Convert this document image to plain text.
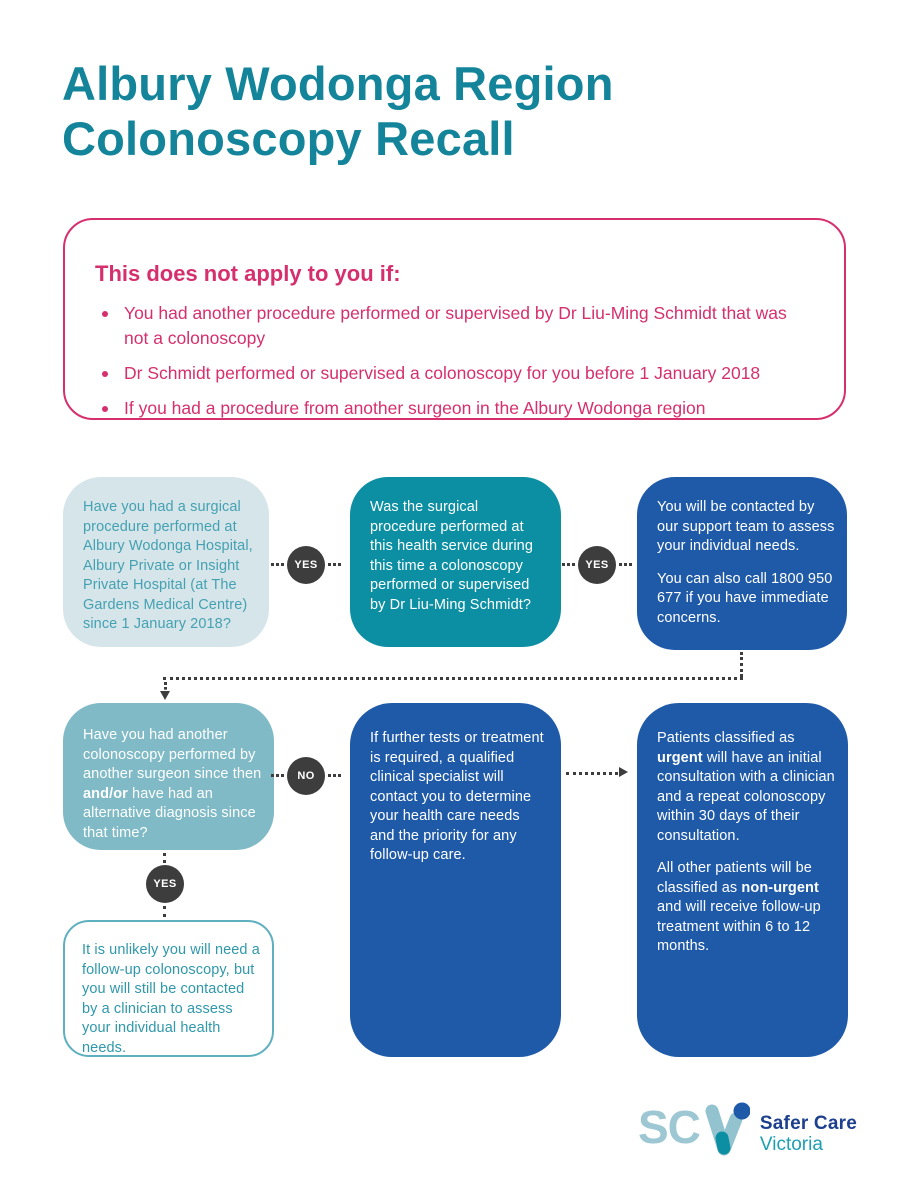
Albury Wodonga Region
Colonoscopy Recall
This does not apply to you if:
You had another procedure performed or supervised by Dr Liu-Ming Schmidt that was not a colonoscopy
Dr Schmidt performed or supervised a colonoscopy for you before 1 January 2018
If you had a procedure from another surgeon in the Albury Wodonga region

Have you had a surgical procedure performed at Albury Wodonga Hospital, Albury Private or Insight Private Hospital (at The Gardens Medical Centre) since 1 January 2018?

YES

Was the surgical procedure performed at this health service during this time a colonoscopy performed or supervised by Dr Liu-Ming Schmidt?

YES

You will be contacted by our support team to assess your individual needs.

You can also call 1800 950 677 if you have immediate concerns.

Have you had another colonoscopy performed by another surgeon since then and/or have had an alternative diagnosis since that time?

NO

If further tests or treatment is required, a qualified clinical specialist will contact you to determine your health care needs and the priority for any follow-up care.

Patients classified as urgent will have an initial consultation with a clinician and a repeat colonoscopy within 30 days of their consultation.

All other patients will be classified as non-urgent and will receive follow-up treatment within 6 to 12 months.

YES

It is unlikely you will need a follow-up colonoscopy, but you will still be contacted by a clinician to assess your individual health needs.

SC	Safer Care
Victoria
